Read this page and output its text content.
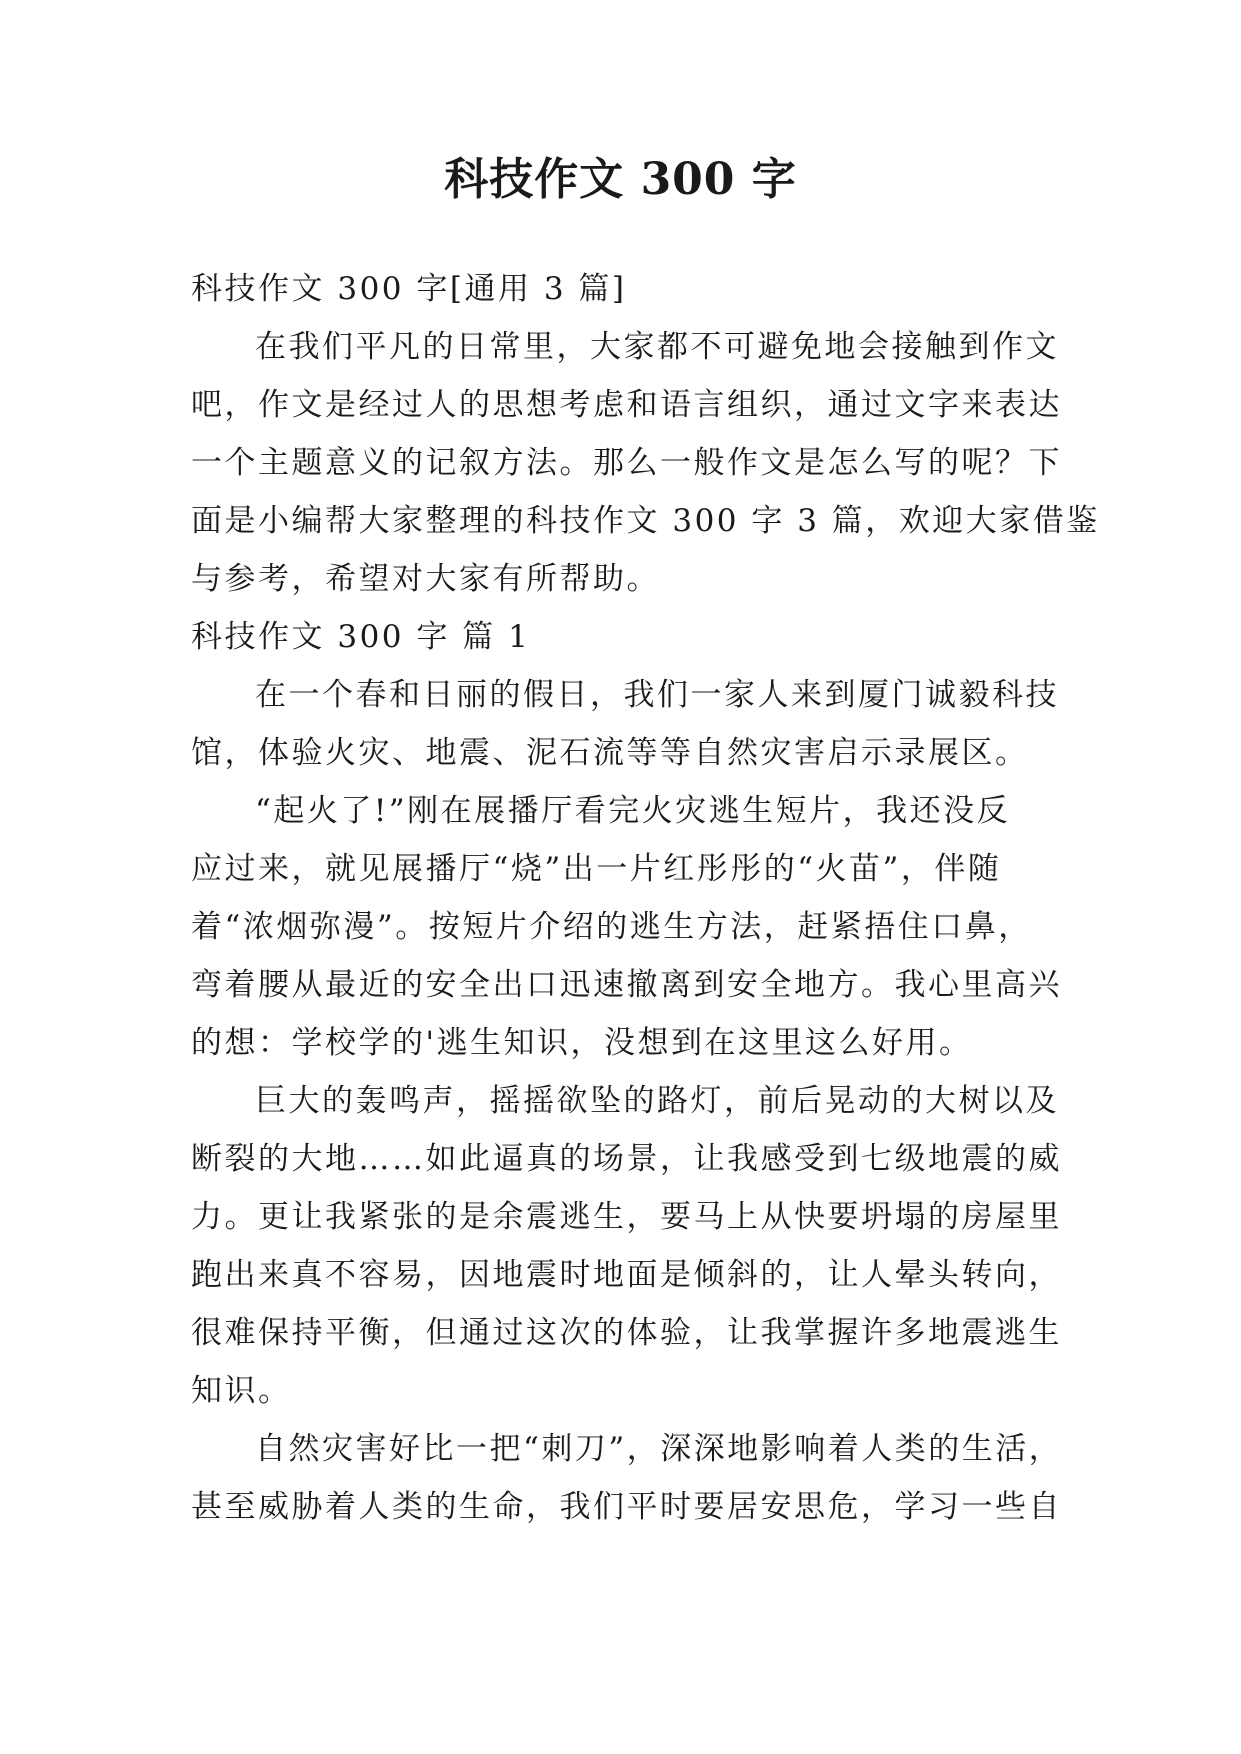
科技作文 300 字
科技作文 300 字[通用 3 篇]
在我们平凡的日常里，大家都不可避免地会接触到作文
吧，作文是经过人的思想考虑和语言组织，通过文字来表达
一个主题意义的记叙方法。那么一般作文是怎么写的呢？下
面是小编帮大家整理的科技作文 300 字 3 篇，欢迎大家借鉴
与参考，希望对大家有所帮助。
科技作文 300 字 篇 1
在一个春和日丽的假日，我们一家人来到厦门诚毅科技
馆，体验火灾、地震、泥石流等等自然灾害启示录展区。
“起火了!”刚在展播厅看完火灾逃生短片，我还没反
应过来，就见展播厅“烧”出一片红彤彤的“火苗”，伴随
着“浓烟弥漫”。按短片介绍的逃生方法，赶紧捂住口鼻，
弯着腰从最近的安全出口迅速撤离到安全地方。我心里高兴
的想：学校学的'逃生知识，没想到在这里这么好用。
巨大的轰鸣声，摇摇欲坠的路灯，前后晃动的大树以及
断裂的大地……如此逼真的场景，让我感受到七级地震的威
力。更让我紧张的是余震逃生，要马上从快要坍塌的房屋里
跑出来真不容易，因地震时地面是倾斜的，让人晕头转向，
很难保持平衡，但通过这次的体验，让我掌握许多地震逃生
知识。
自然灾害好比一把“刺刀”，深深地影响着人类的生活，
甚至威胁着人类的生命，我们平时要居安思危，学习一些自
